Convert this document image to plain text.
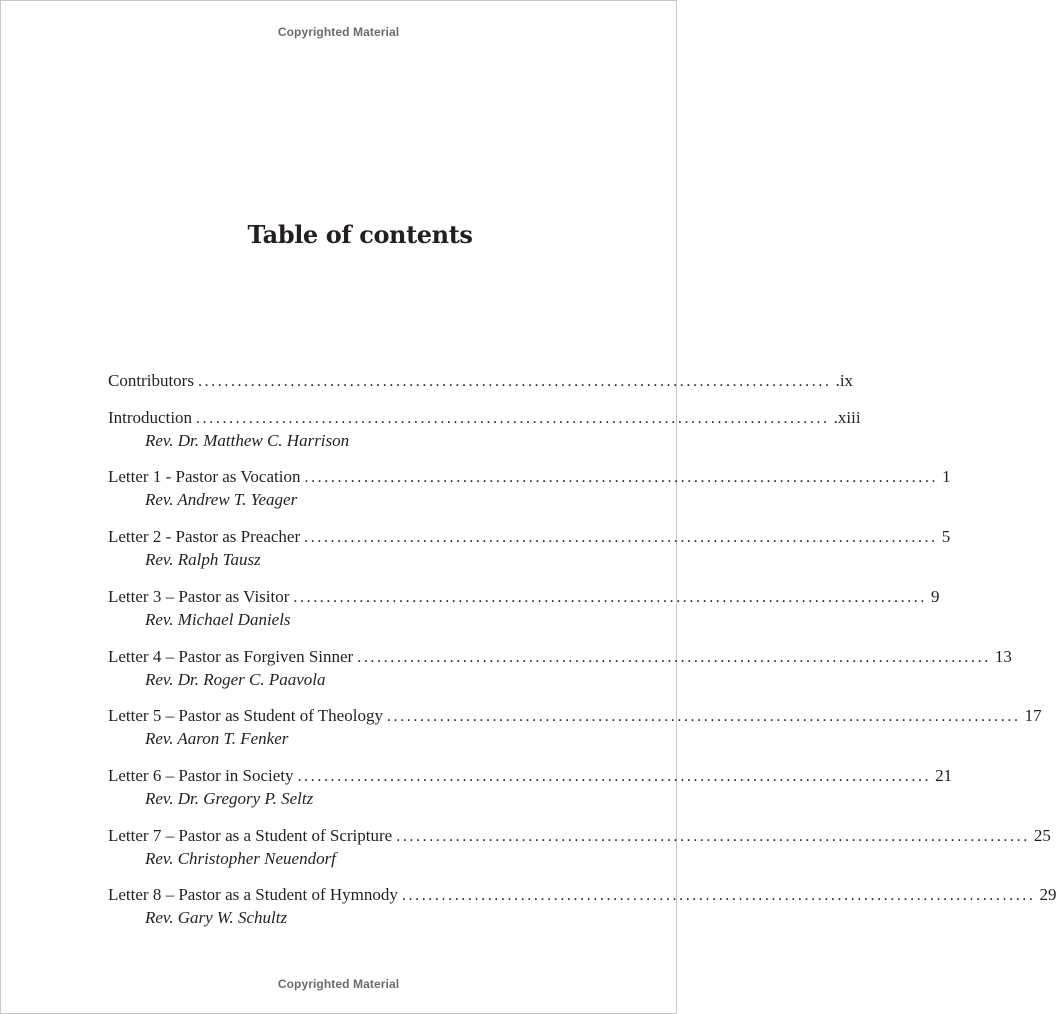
Copyrighted Material
Table of contents
Contributors ................................................................................................ .ix
Introduction ................................................................................................ .xiii
Rev. Dr. Matthew C. Harrison
Letter 1 - Pastor as Vocation ................................................................................................ 1
Rev. Andrew T. Yeager
Letter 2 - Pastor as Preacher ................................................................................................ 5
Rev. Ralph Tausz
Letter 3 – Pastor as Visitor ................................................................................................ 9
Rev. Michael Daniels
Letter 4 – Pastor as Forgiven Sinner ................................................................................................ 13
Rev. Dr. Roger C. Paavola
Letter 5 – Pastor as Student of Theology ................................................................................................ 17
Rev. Aaron T. Fenker
Letter 6 – Pastor in Society ................................................................................................ 21
Rev. Dr. Gregory P. Seltz
Letter 7 – Pastor as a Student of Scripture ................................................................................................ 25
Rev. Christopher Neuendorf
Letter 8 – Pastor as a Student of Hymnody ................................................................................................ 29
Rev. Gary W. Schultz
Copyrighted Material
